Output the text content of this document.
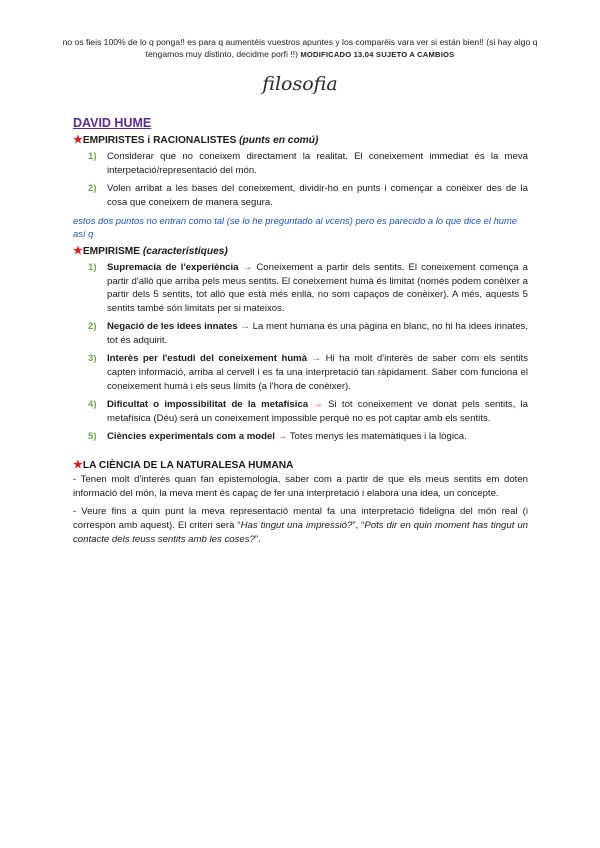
no os fieis 100% de lo q ponga!! es para q aumentéis vuestros apuntes y los comparéis vara ver si están bien!! (si hay algo q tengamos muy distinto, decidme porfi !!) MODIFICADO 13.04 SUJETO A CAMBIOS
filosofia
DAVID HUME
★EMPIRISTES i RACIONALISTES (punts en comú)
1) Considerar que no coneixem directament la realitat. El coneixement immediat és la meva interpetació/representació del món.
2) Volen arribat a les bases del coneixement, dividir-ho en punts i començar a conèixer des de la cosa que coneixem de manera segura.

estos dos puntos no entran como tal (se lo he preguntado al vcens) pero es parecido a lo que dice el hume así q

★EMPIRISME (característiques)
1) Supremacia de l'experiència → Coneixement a partir dels sentits. El coneixement comença a partir d'allò que arriba pels meus sentits. El coneixement humà és limitat (només podem conèixer a partir dels 5 sentits, tot allò que està més enllà, no som capaços de conèixer). A més, aquests 5 sentits també són limitats per si mateixos.
2) Negació de les idees innates → La ment humana és una pàgina en blanc, no hi ha idees innates, tot és adquirit.
3) Interès per l'estudi del coneixement humà → Hi ha molt d'interès de saber com els sentits capten informació, arriba al cervell i es fa una interpretació tan ràpidament. Saber com funciona el coneixement humà i els seus límits (a l'hora de conèixer).
4) Dificultat o impossibilitat de la metafísica → Si tot coneixement ve donat pels sentits, la metafísica (Déu) serà un coneixement impossible perquè no es pot captar amb els sentits.
5) Ciències experimentals com a model → Totes menys les matemàtiques i la lògica.
★LA CIÈNCIA DE LA NATURALESA HUMANA

- Tenen molt d'interès quan fan epistemologia, saber com a partir de que els meus sentits em doten informació del món, la meva ment és capaç de fer una interpretació i elabora una idea, un concepte.

- Veure fins a quin punt la meva representació mental fa una interpretació fideligna del món real (i correspon amb aquest). El criteri serà “Has tingut una impressió?”, “Pots dir en quin moment has tingut un contacte dels teuss sentits amb les coses?”.
